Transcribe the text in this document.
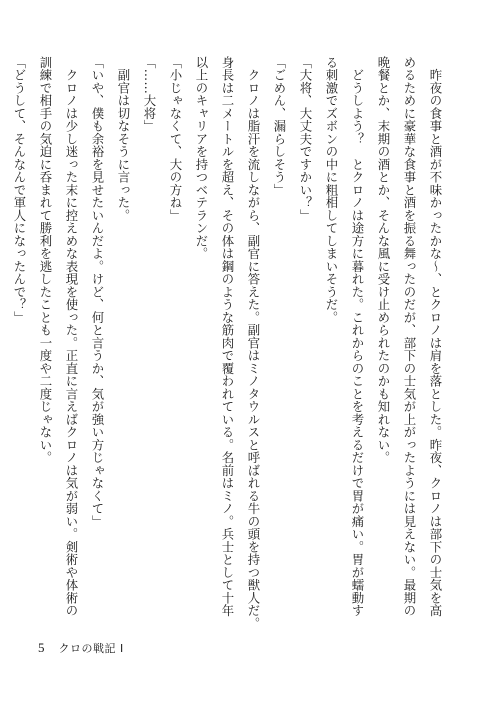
　昨夜の食事と酒が不味かったかな～、とクロノは肩を落とした。昨夜、クロノは部下の士気を高
めるために豪華な食事と酒を振る舞ったのだが、部下の士気が上がったようには見えない。最期の
晩餐とか、末期の酒とか、そんな風に受け止められたのかも知れない。
　どうしよう？　とクロノは途方に暮れた。これからのことを考えるだけで胃が痛い。胃が蠕動す
る刺激でズボンの中に粗相してしまいそうだ。
「大将、大丈夫ですかい？」
「ごめん、漏らしそう」
　クロノは脂汗を流しながら、副官に答えた。副官はミノタウルスと呼ばれる牛の頭を持つ獣人だ。
身長は二メートルを超え、その体は鋼のような筋肉で覆われている。名前はミノ。兵士として十年
以上のキャリアを持つベテランだ。
「小じゃなくて、大の方ね」
「……大将」
　副官は切なそうに言った。
「いや、僕も余裕を見せたいんだよ。けど、何と言うか、気が強い方じゃなくて」
　クロノは少し迷った末に控えめな表現を使った。正直に言えばクロノは気が弱い。剣術や体術の
訓練で相手の気迫に呑まれて勝利を逃したことも一度や二度じゃない。
「どうして、そんなんで軍人になったんで？」
5 クロの戦記 Ⅰ
